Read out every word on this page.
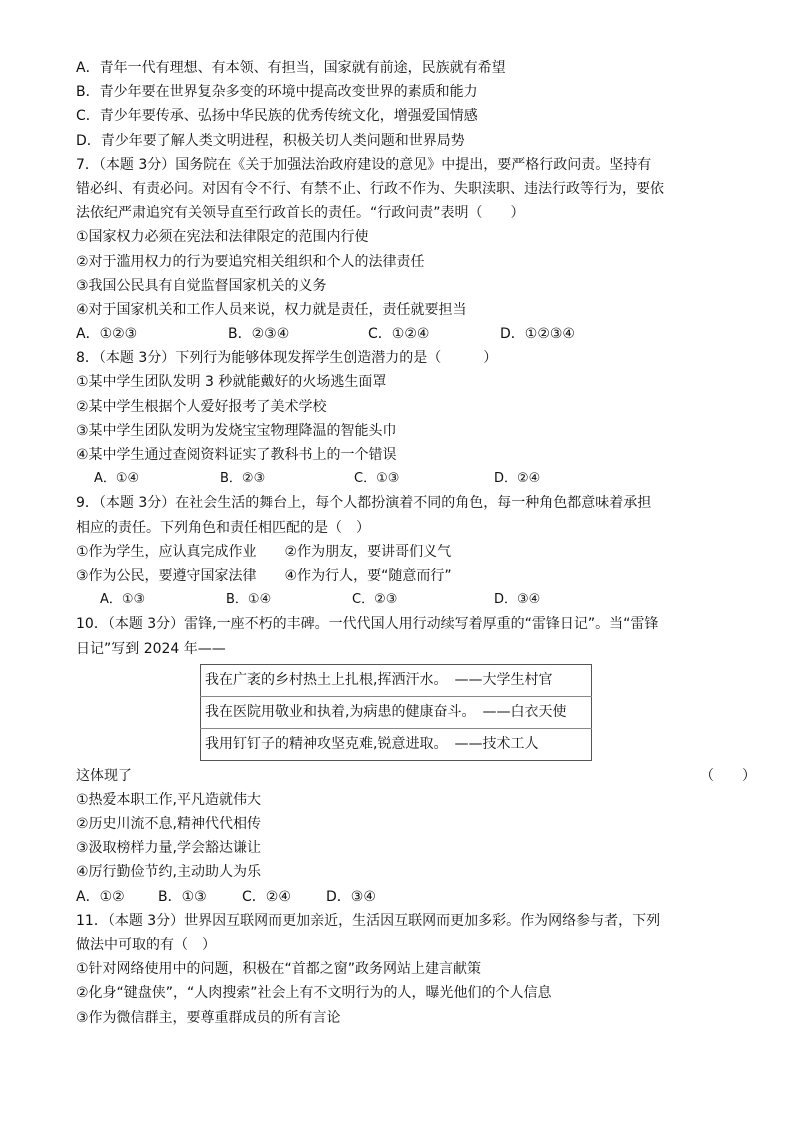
A．青年一代有理想、有本领、有担当，国家就有前途，民族就有希望
B．青少年要在世界复杂多变的环境中提高改变世界的素质和能力
C．青少年要传承、弘扬中华民族的优秀传统文化，增强爱国情感
D．青少年要了解人类文明进程，积极关切人类问题和世界局势
7．（本题 3分）国务院在《关于加强法治政府建设的意见》中提出，要严格行政问责。坚持有
错必纠、有责必问。对因有令不行、有禁不止、行政不作为、失职渎职、违法行政等行为，要依
法依纪严肃追究有关领导直至行政首长的责任。“行政问责”表明（　　）
①国家权力必须在宪法和法律限定的范围内行使
②对于滥用权力的行为要追究相关组织和个人的法律责任
③我国公民具有自觉监督国家机关的义务
④对于国家机关和工作人员来说，权力就是责任，责任就要担当
A．①②③	B．②③④	C．①②④	D．①②③④
8．（本题 3分）下列行为能够体现发挥学生创造潜力的是（　　　）
①某中学生团队发明 3 秒就能戴好的火场逃生面罩
②某中学生根据个人爱好报考了美术学校
③某中学生团队发明为发烧宝宝物理降温的智能头巾
④某中学生通过查阅资料证实了教科书上的一个错误
A．①④	B．②③	C．①③	D．②④
9．（本题 3分）在社会生活的舞台上，每个人都扮演着不同的角色，每一种角色都意味着承担
相应的责任。下列角色和责任相匹配的是（　）
①作为学生，应认真完成作业　　②作为朋友，要讲哥们义气
③作为公民，要遵守国家法律　　④作为行人，要“随意而行”
A．①③	B．①④	C．②③	D．③④
10．（本题 3分）雷锋,一座不朽的丰碑。一代代国人用行动续写着厚重的“雷锋日记”。当“雷锋
日记”写到 2024 年——
我在广袤的乡村热土上扎根,挥洒汗水。　——大学生村官
我在医院用敬业和执着,为病患的健康奋斗。　——白衣天使
我用钉钉子的精神攻坚克难,锐意进取。　——技术工人
这体现了	（　　）
①热爱本职工作,平凡造就伟大
②历史川流不息,精神代代相传
③汲取榜样力量,学会豁达谦让
④厉行勤俭节约,主动助人为乐
A．①②	B．①③	C．②④	D．③④
11．（本题 3分）世界因互联网而更加亲近，生活因互联网而更加多彩。作为网络参与者，下列
做法中可取的有（　）
①针对网络使用中的问题，积极在“首都之窗”政务网站上建言献策
②化身“键盘侠”，“人肉搜索”社会上有不文明行为的人，曝光他们的个人信息
③作为微信群主，要尊重群成员的所有言论
